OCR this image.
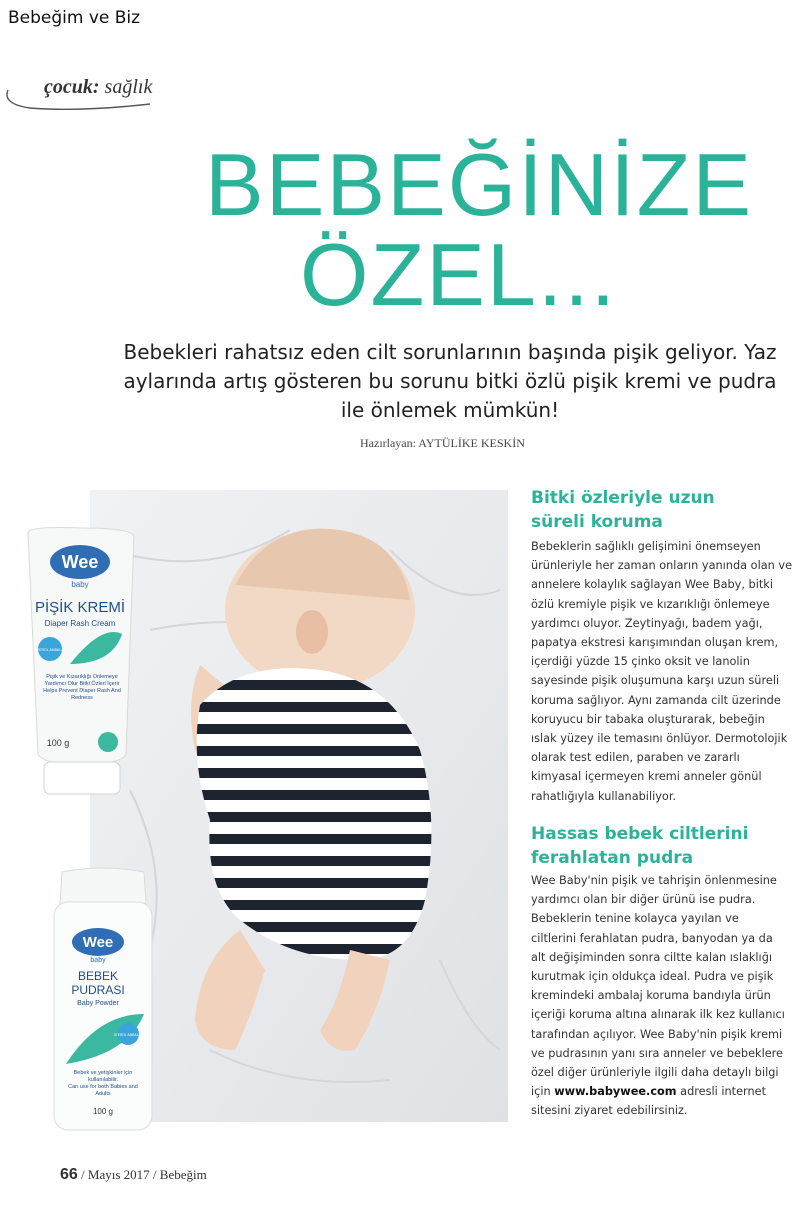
Bebeğim ve Biz
çocuk: sağlık
BEBEĞİNİZE
ÖZEL...
Bebekleri rahatsız eden cilt sorunlarının başında pişik geliyor. Yaz aylarında artış gösteren bu sorunu bitki özlü pişik kremi ve pudra ile önlemek mümkün!
Hazırlayan: AYTÜLİKE KESKİN
Wee
baby
PİŞİK KREMİ
Diaper Rash Cream
STEROL AMBALAJ
Pişik ve Kızarıklığı Önlemeye Yardımcı Olur Bitki Özleri İçerir
Helps Prevent Diaper Rash And Redness
100 g
Wee
baby
BEBEK
PUDRASI
Baby Powder
STEROL AMBALAJ
Bebek ve yetişkinler için kullanılabilir.
Can use for both Babies and Adults
100 g
Bitki özleriyle uzun
süreli koruma
Bebeklerin sağlıklı gelişimini önemseyen
ürünleriyle her zaman onların yanında olan ve
annelere kolaylık sağlayan Wee Baby, bitki
özlü kremiyle pişik ve kızarıklığı önlemeye
yardımcı oluyor. Zeytinyağı, badem yağı,
papatya ekstresi karışımından oluşan krem,
içerdiği yüzde 15 çinko oksit ve lanolin
sayesinde pişik oluşumuna karşı uzun süreli
koruma sağlıyor. Aynı zamanda cilt üzerinde
koruyucu bir tabaka oluşturarak, bebeğin
ıslak yüzey ile temasını önlüyor. Dermotolojik
olarak test edilen, paraben ve zararlı
kimyasal içermeyen kremi anneler gönül
rahatlığıyla kullanabiliyor.
Hassas bebek ciltlerini
ferahlatan pudra
Wee Baby'nin pişik ve tahrişin önlenmesine
yardımcı olan bir diğer ürünü ise pudra.
Bebeklerin tenine kolayca yayılan ve
ciltlerini ferahlatan pudra, banyodan ya da
alt değişiminden sonra ciltte kalan ıslaklığı
kurutmak için oldukça ideal. Pudra ve pişik
kremindeki ambalaj koruma bandıyla ürün
içeriği koruma altına alınarak ilk kez kullanıcı
tarafından açılıyor. Wee Baby'nin pişik kremi
ve pudrasının yanı sıra anneler ve bebeklere
özel diğer ürünleriyle ilgili daha detaylı bilgi
için www.babywee.com adresli internet
sitesini ziyaret edebilirsiniz.
66 / Mayıs 2017 / Bebeğim
